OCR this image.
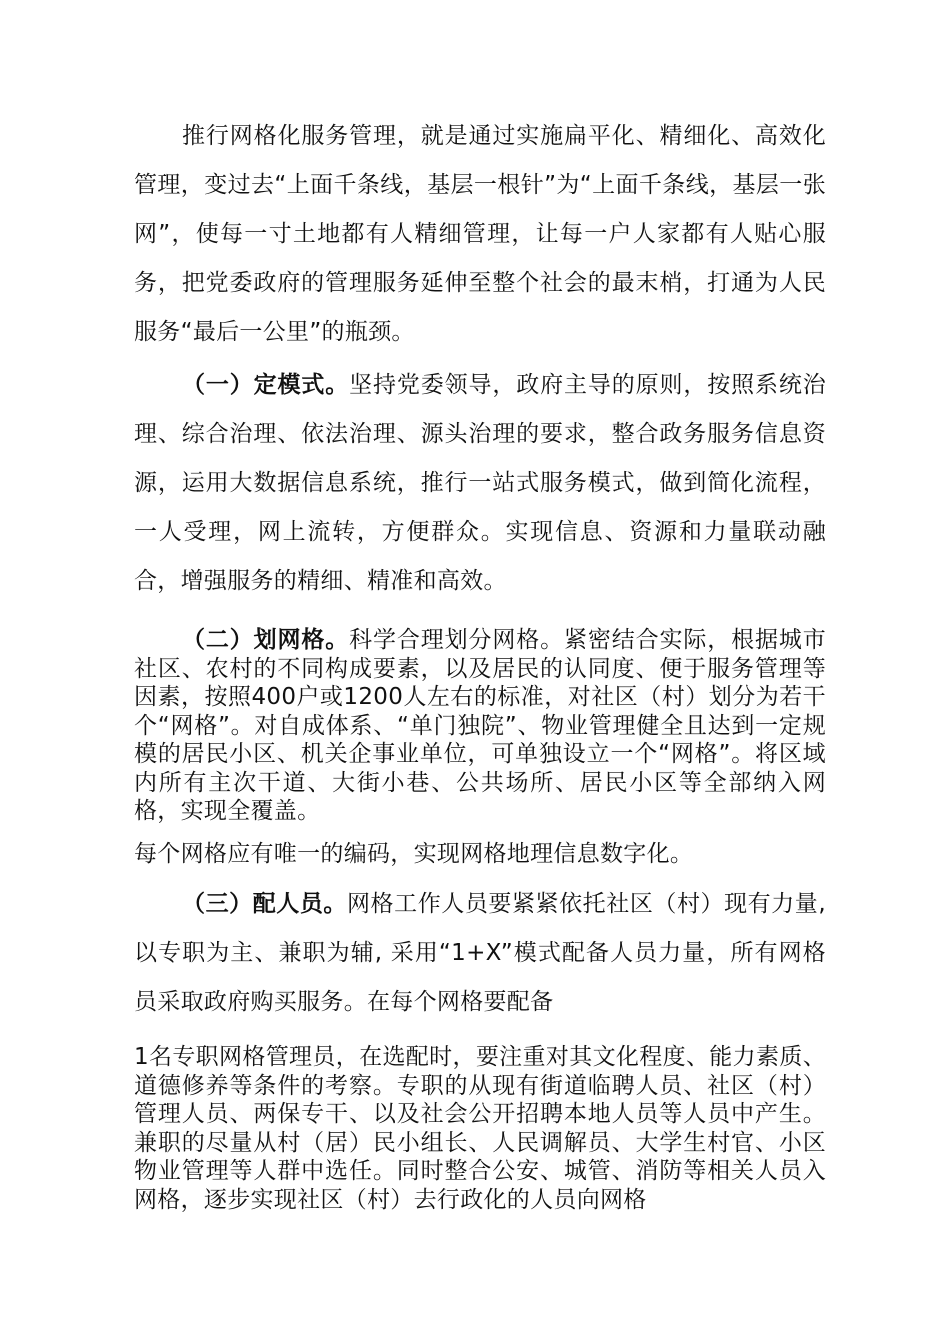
推行网格化服务管理，就是通过实施扁平化、精细化、高效化管理，变过去“上面千条线，基层一根针”为“上面千条线，基层一张网”，使每一寸土地都有人精细管理，让每一户人家都有人贴心服务，把党委政府的管理服务延伸至整个社会的最末梢，打通为人民服务“最后一公里”的瓶颈。

（一）定模式。坚持党委领导，政府主导的原则，按照系统治理、综合治理、依法治理、源头治理的要求，整合政务服务信息资源，运用大数据信息系统，推行一站式服务模式，做到简化流程，一人受理，网上流转，方便群众。实现信息、资源和力量联动融合，增强服务的精细、精准和高效。

（二）划网格。科学合理划分网格。紧密结合实际，根据城市社区、农村的不同构成要素，以及居民的认同度、便于服务管理等因素，按照400户或1200人左右的标准，对社区（村）划分为若干个“网格”。对自成体系、“单门独院”、物业管理健全且达到一定规模的居民小区、机关企事业单位，可单独设立一个“网格”。将区域内所有主次干道、大街小巷、公共场所、居民小区等全部纳入网格，实现全覆盖。

每个网格应有唯一的编码，实现网格地理信息数字化。

（三）配人员。网格工作人员要紧紧依托社区（村）现有力量, 以专职为主、兼职为辅, 采用“1+X”模式配备人员力量，所有网格员采取政府购买服务。在每个网格要配备

1名专职网格管理员，在选配时，要注重对其文化程度、能力素质、道德修养等条件的考察。专职的从现有街道临聘人员、社区（村）管理人员、两保专干、以及社会公开招聘本地人员等人员中产生。兼职的尽量从村（居）民小组长、人民调解员、大学生村官、小区物业管理等人群中选任。同时整合公安、城管、消防等相关人员入网格，逐步实现社区（村）去行政化的人员向网格
